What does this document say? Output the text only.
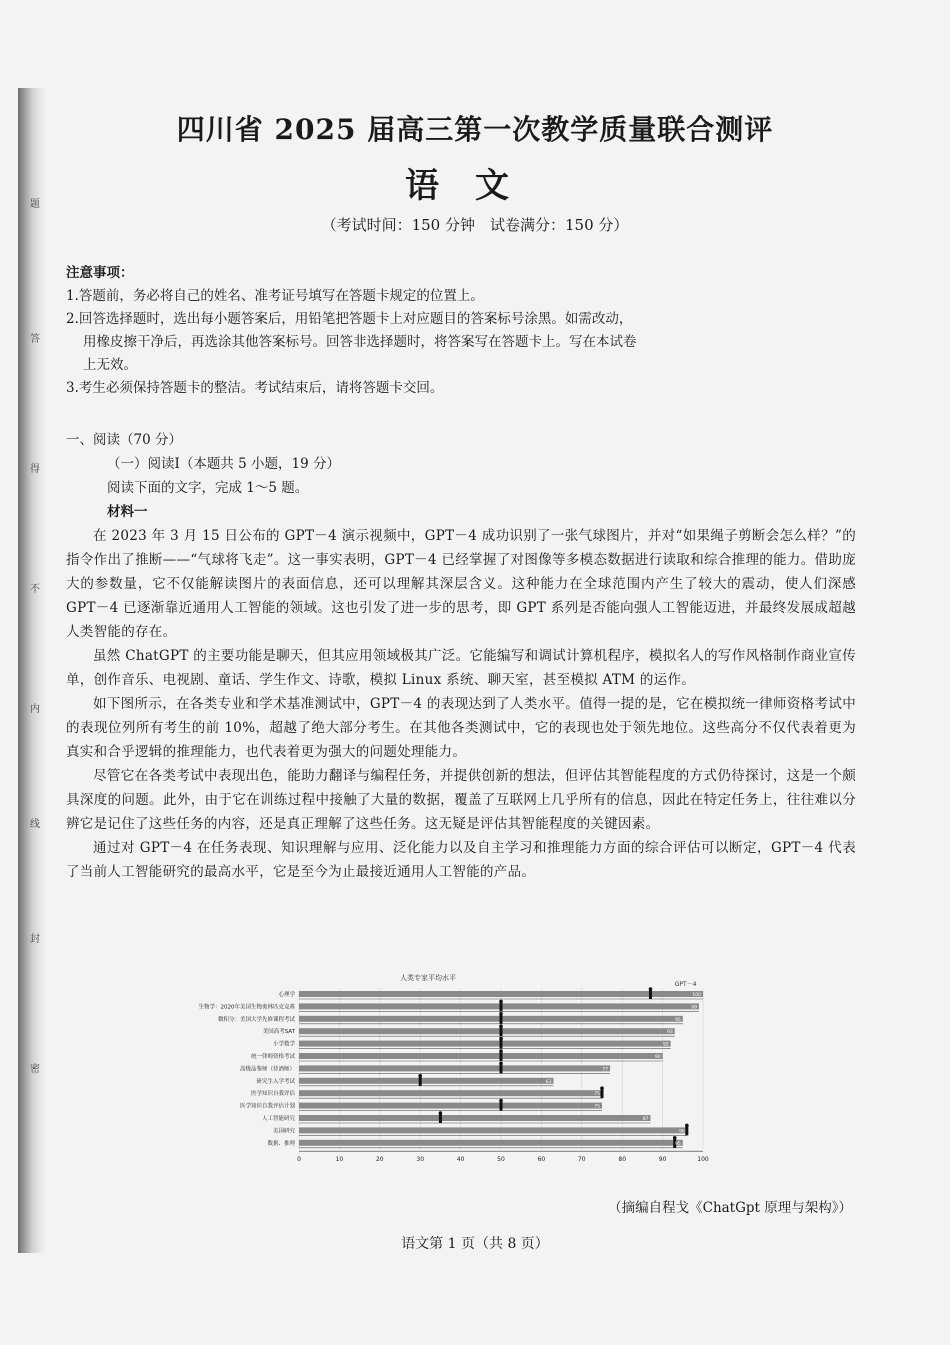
题
答
得
不
内
线
封
密
四川省 2025 届高三第一次教学质量联合测评
语文
（考试时间：150 分钟　试卷满分：150 分）
注意事项：
1.答题前，务必将自己的姓名、准考证号填写在答题卡规定的位置上。
2.回答选择题时，选出每小题答案后，用铅笔把答题卡上对应题目的答案标号涂黑。如需改动，
用橡皮擦干净后，再选涂其他答案标号。回答非选择题时，将答案写在答题卡上。写在本试卷
上无效。
3.考生必须保持答题卡的整洁。考试结束后，请将答题卡交回。
一、阅读（70 分）
（一）阅读Ⅰ（本题共 5 小题，19 分）
阅读下面的文字，完成 1～5 题。
材料一

在 2023 年 3 月 15 日公布的 GPT－4 演示视频中，GPT－4 成功识别了一张气球图片，并对“如果绳子剪断会怎么样？”的指令作出了推断——“气球将飞走”。这一事实表明，GPT－4 已经掌握了对图像等多模态数据进行读取和综合推理的能力。借助庞大的参数量，它不仅能解读图片的表面信息，还可以理解其深层含义。这种能力在全球范围内产生了较大的震动，使人们深感 GPT－4 已逐渐靠近通用人工智能的领域。这也引发了进一步的思考，即 GPT 系列是否能向强人工智能迈进，并最终发展成超越人类智能的存在。

虽然 ChatGPT 的主要功能是聊天，但其应用领域极其广泛。它能编写和调试计算机程序，模拟名人的写作风格制作商业宣传单，创作音乐、电视剧、童话、学生作文、诗歌，模拟 Linux 系统、聊天室，甚至模拟 ATM 的运作。

如下图所示，在各类专业和学术基准测试中，GPT－4 的表现达到了人类水平。值得一提的是，它在模拟统一律师资格考试中的表现位列所有考生的前 10%，超越了绝大部分考生。在其他各类测试中，它的表现也处于领先地位。这些高分不仅代表着更为真实和合乎逻辑的推理能力，也代表着更为强大的问题处理能力。

尽管它在各类考试中表现出色，能助力翻译与编程任务，并提供创新的想法，但评估其智能程度的方式仍待探讨，这是一个颇具深度的问题。此外，由于它在训练过程中接触了大量的数据，覆盖了互联网上几乎所有的信息，因此在特定任务上，往往难以分辨它是记住了这些任务的内容，还是真正理解了这些任务。这无疑是评估其智能程度的关键因素。

通过对 GPT－4 在任务表现、知识理解与应用、泛化能力以及自主学习和推理能力方面的综合评估可以断定，GPT－4 代表了当前人工智能研究的最高水平，它是至今为止最接近通用人工智能的产品。

人类专家平均水平
GPT－4
心理学	100
生物学：2020年美国生物奥林匹克竞赛	99
微积分：美国大学先修课程考试	95
美国高考SAT	93
小学数学	92
统一律师资格考试	90
高级品鉴师（侍酒师）	77
研究生入学考试	63
医学知识自我评估	75
医学知识自我评估计划	75
人工智能研究	87
美国研究	96
数据、推理	95
0	10	20	30	40	50	60	70	80	90	100
（摘编自程戈《ChatGpt 原理与架构》）
语文第 1 页（共 8 页）
